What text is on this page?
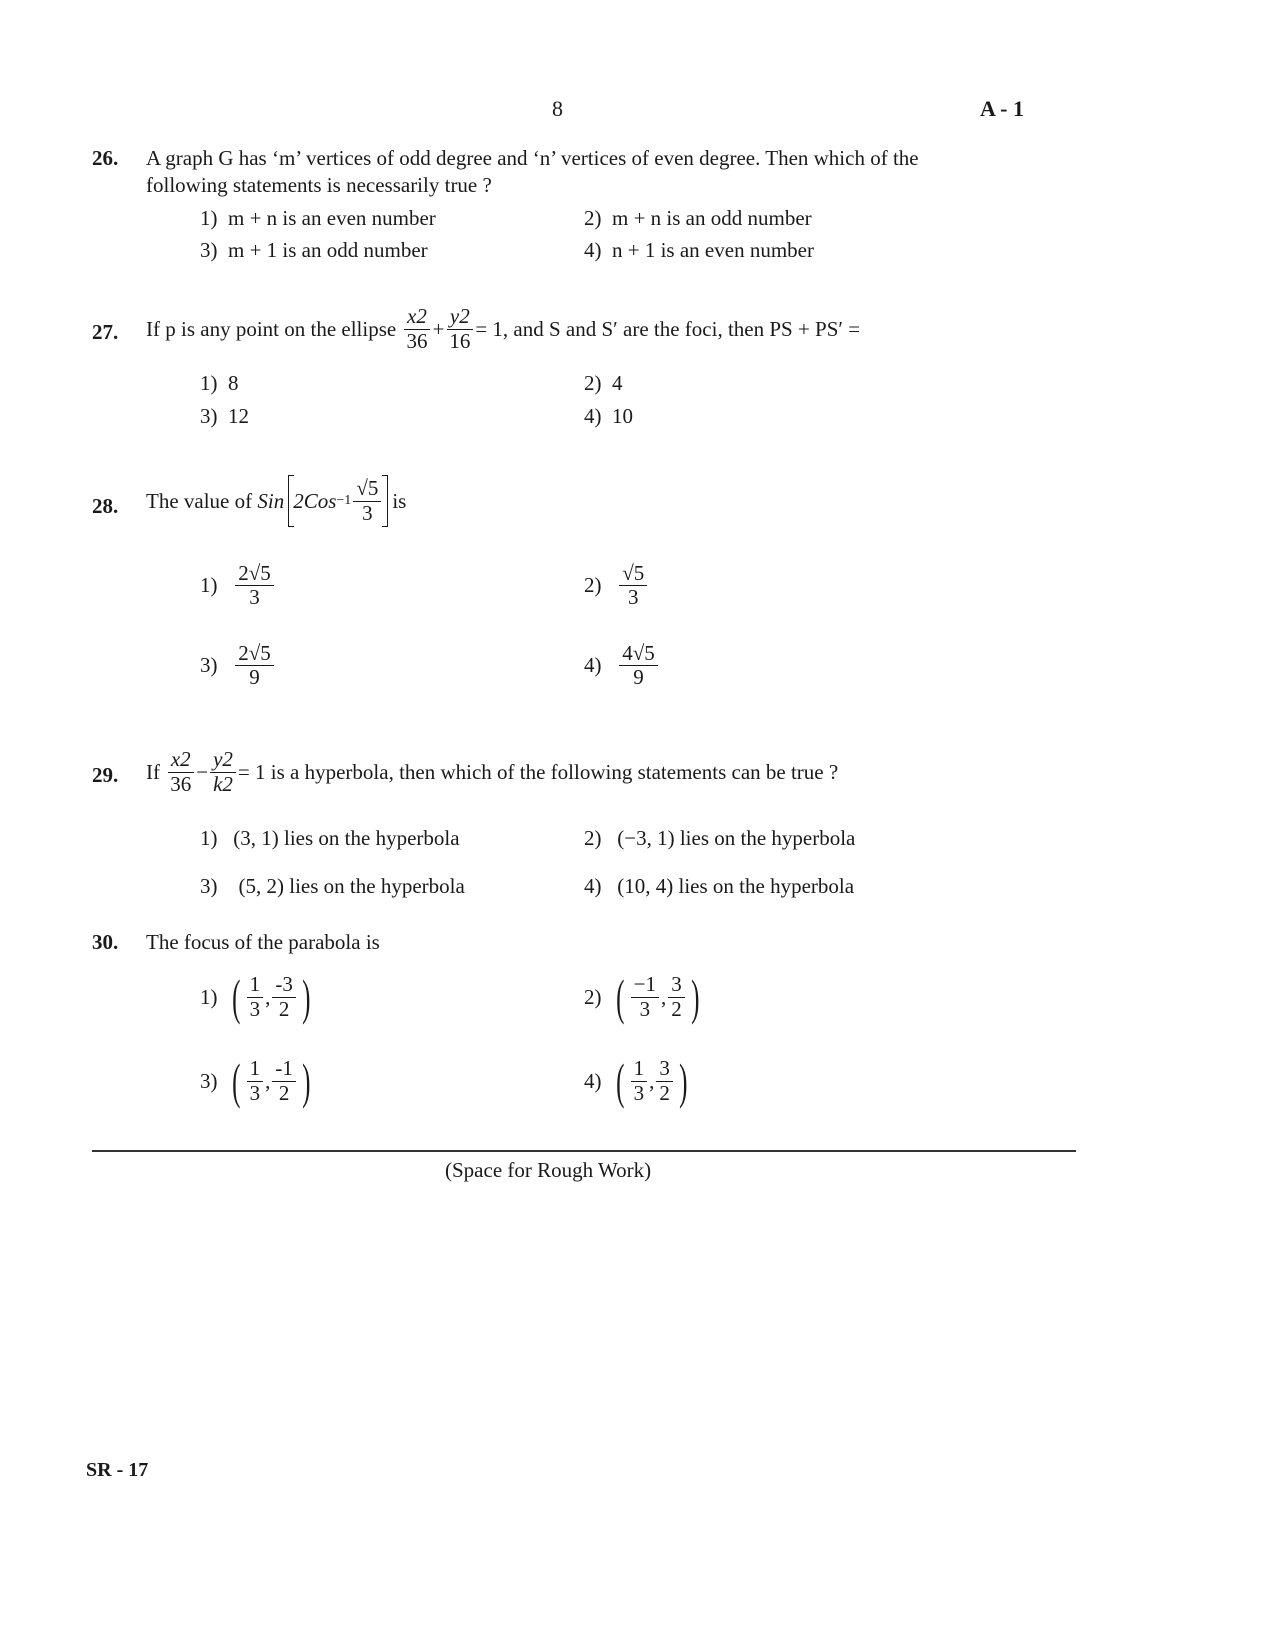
8	A - 1
26. A graph G has ‘m’ vertices of odd degree and ‘n’ vertices of even degree. Then which of the
following statements is necessarily true ?
1) m + n is an even number	2) m + n is an odd number
3) m + 1 is an odd number	4) n + 1 is an even number
27. If p is any point on the ellipse
$\frac{x2}{36} + \frac{y2}{16} = 1$ , and S and S′ are the foci, then PS + PS′ =
1) 8	2) 4
3) 12	4) 10
28. The value of
Sin $2Cos -1 \frac{√5}{3}$ is
1)
$\frac{2√5}{3}$	2)
$\frac{√5}{3}$
3)
$\frac{2√5}{9}$	4)
$\frac{4√5}{9}$
29. If
$\frac{x2}{36} - \frac{y2}{k2} = 1$
is a hyperbola, then which of the following statements can be true ?
1) (3, 1) lies on the hyperbola	2) (−3, 1) lies on the hyperbola
3) (5, 2) lies on the hyperbola	4) (10, 4) lies on the hyperbola
30. The focus of the parabola is
1)
( $\frac{1}{3}$ , $\frac{-3}{2}$ )	2)
( $\frac{-1}{3}$ , $\frac{3}{2}$ )
3)
( $\frac{1}{3}$ , $\frac{-1}{2}$ )	4)
( $\frac{1}{3}$ , $\frac{3}{2}$ )
(Space for Rough Work)
SR - 17
